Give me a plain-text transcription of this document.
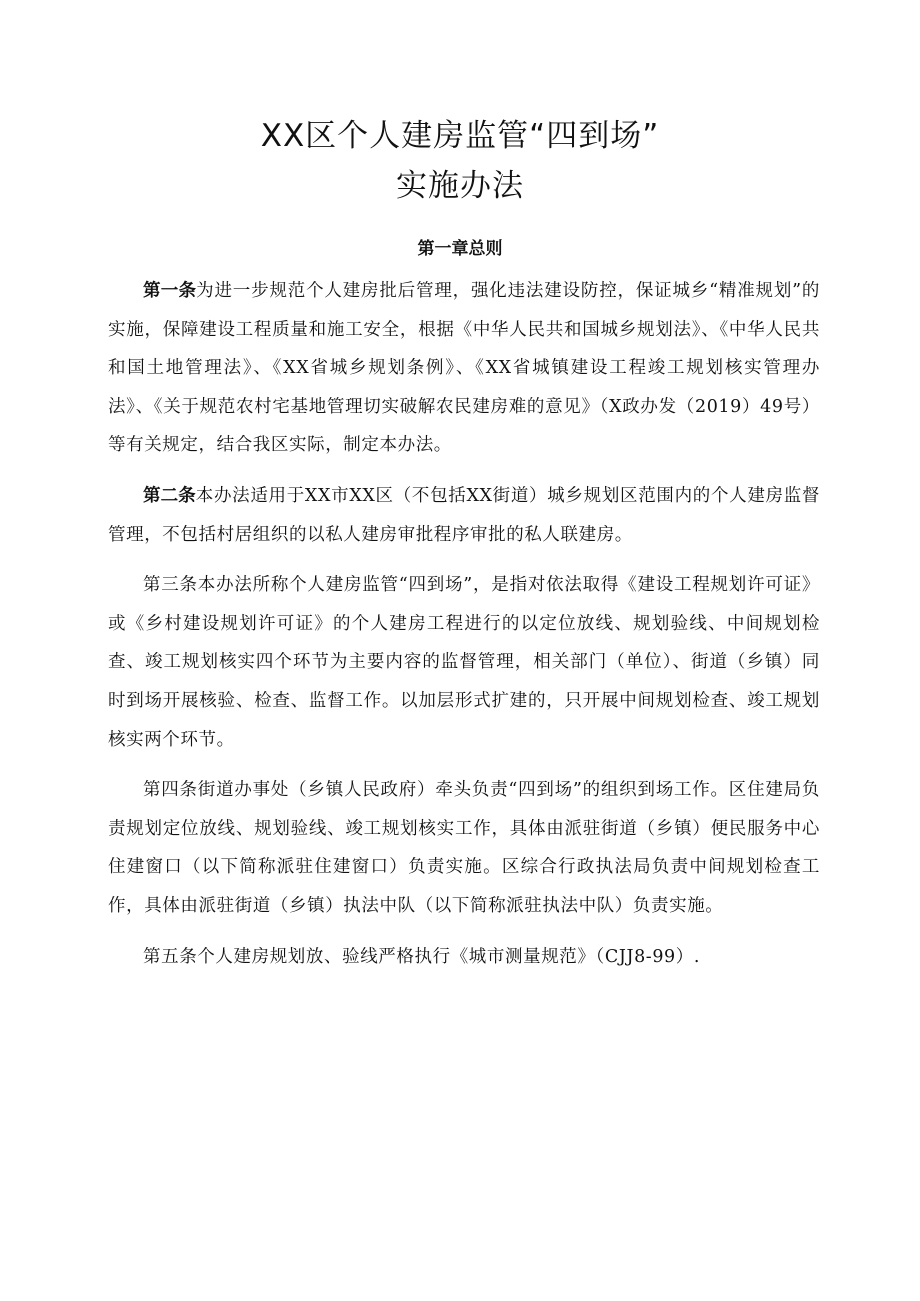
XX区个人建房监管“四到场”
实施办法
第一章总则

第一条为进一步规范个人建房批后管理，强化违法建设防控，保证城乡“精准规划”的实施，保障建设工程质量和施工安全，根据《中华人民共和国城乡规划法》、《中华人民共和国土地管理法》、《XX省城乡规划条例》、《XX省城镇建设工程竣工规划核实管理办法》、《关于规范农村宅基地管理切实破解农民建房难的意见》（X政办发（2019）49号）等有关规定，结合我区实际，制定本办法。

第二条本办法适用于XX市XX区（不包括XX街道）城乡规划区范围内的个人建房监督管理，不包括村居组织的以私人建房审批程序审批的私人联建房。

第三条本办法所称个人建房监管“四到场”，是指对依法取得《建设工程规划许可证》或《乡村建设规划许可证》的个人建房工程进行的以定位放线、规划验线、中间规划检查、竣工规划核实四个环节为主要内容的监督管理，相关部门（单位）、街道（乡镇）同时到场开展核验、检查、监督工作。以加层形式扩建的，只开展中间规划检查、竣工规划核实两个环节。

第四条街道办事处（乡镇人民政府）牵头负责“四到场”的组织到场工作。区住建局负责规划定位放线、规划验线、竣工规划核实工作，具体由派驻街道（乡镇）便民服务中心住建窗口（以下简称派驻住建窗口）负责实施。区综合行政执法局负责中间规划检查工作，具体由派驻街道（乡镇）执法中队（以下简称派驻执法中队）负责实施。

第五条个人建房规划放、验线严格执行《城市测量规范》（CJJ8-99）.
